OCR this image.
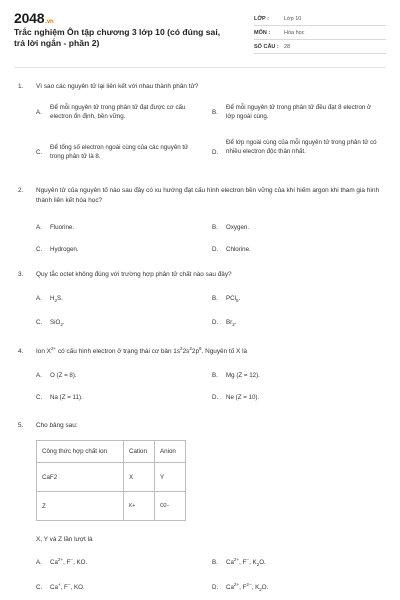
2048.vn
Trắc nghiệm Ôn tập chương 3 lớp 10 (có đúng sai, trả lời ngắn - phần 2)
LỚP :	Lớp 10
MÔN :	Hóa học
SỐ CÂU : 28
1.	Vì sao các nguyên tử lại liên kết với nhau thành phân tử?
A.
Để mỗi nguyên tử trong phân tử đạt được cơ cấu electron ổn định, bền vững.
B.
Để mỗi nguyên tử trong phân tử đều đạt 8 electron ở lớp ngoài cùng.
C.
Để tổng số electron ngoài cùng của các nguyên tử trong phân tử là 8.
D.
Để lớp ngoài cùng của mỗi nguyên tử trong phân tử có nhiều electron độc thân nhất.
2.	Nguyên tử của nguyên tố nào sau đây có xu hướng đạt cấu hình electron bền vững của khí hiếm argon khi tham gia hình thành liên kết hóa học?
A. Fluorine.	B. Oxygen.
C. Hydrogen.	D. Chlorine.
3.	Quy tắc octet không đúng với trường hợp phân tử chất nào sau đây?
A. $H_2S$.	B. PCl$_5$.
C. SiO$_2$.	D. $Br_2$.
4.	Ion $X^{2+}$ có cấu hình electron ở trạng thái cơ bản $1s^22s^22p^6$. Nguyên tố X là
A. O (Z = 8).	B. Mg (Z = 12).
C. Na (Z = 11).	D. Ne (Z = 10).
5.	Cho bảng sau:
Công thức hợp chất ion	Cation	Anion
CaF2	X	Y
Z	K+	O2−
X, Y và Z lần lượt là
A. $Ca^{2+}$, F−, KO.	B. $Ca^{2+}$, F−, $K_2O$.
C. Ca+, F−, KO.	D. $Ca^{2+}$, $F^{2-}$, $K_2O$.
